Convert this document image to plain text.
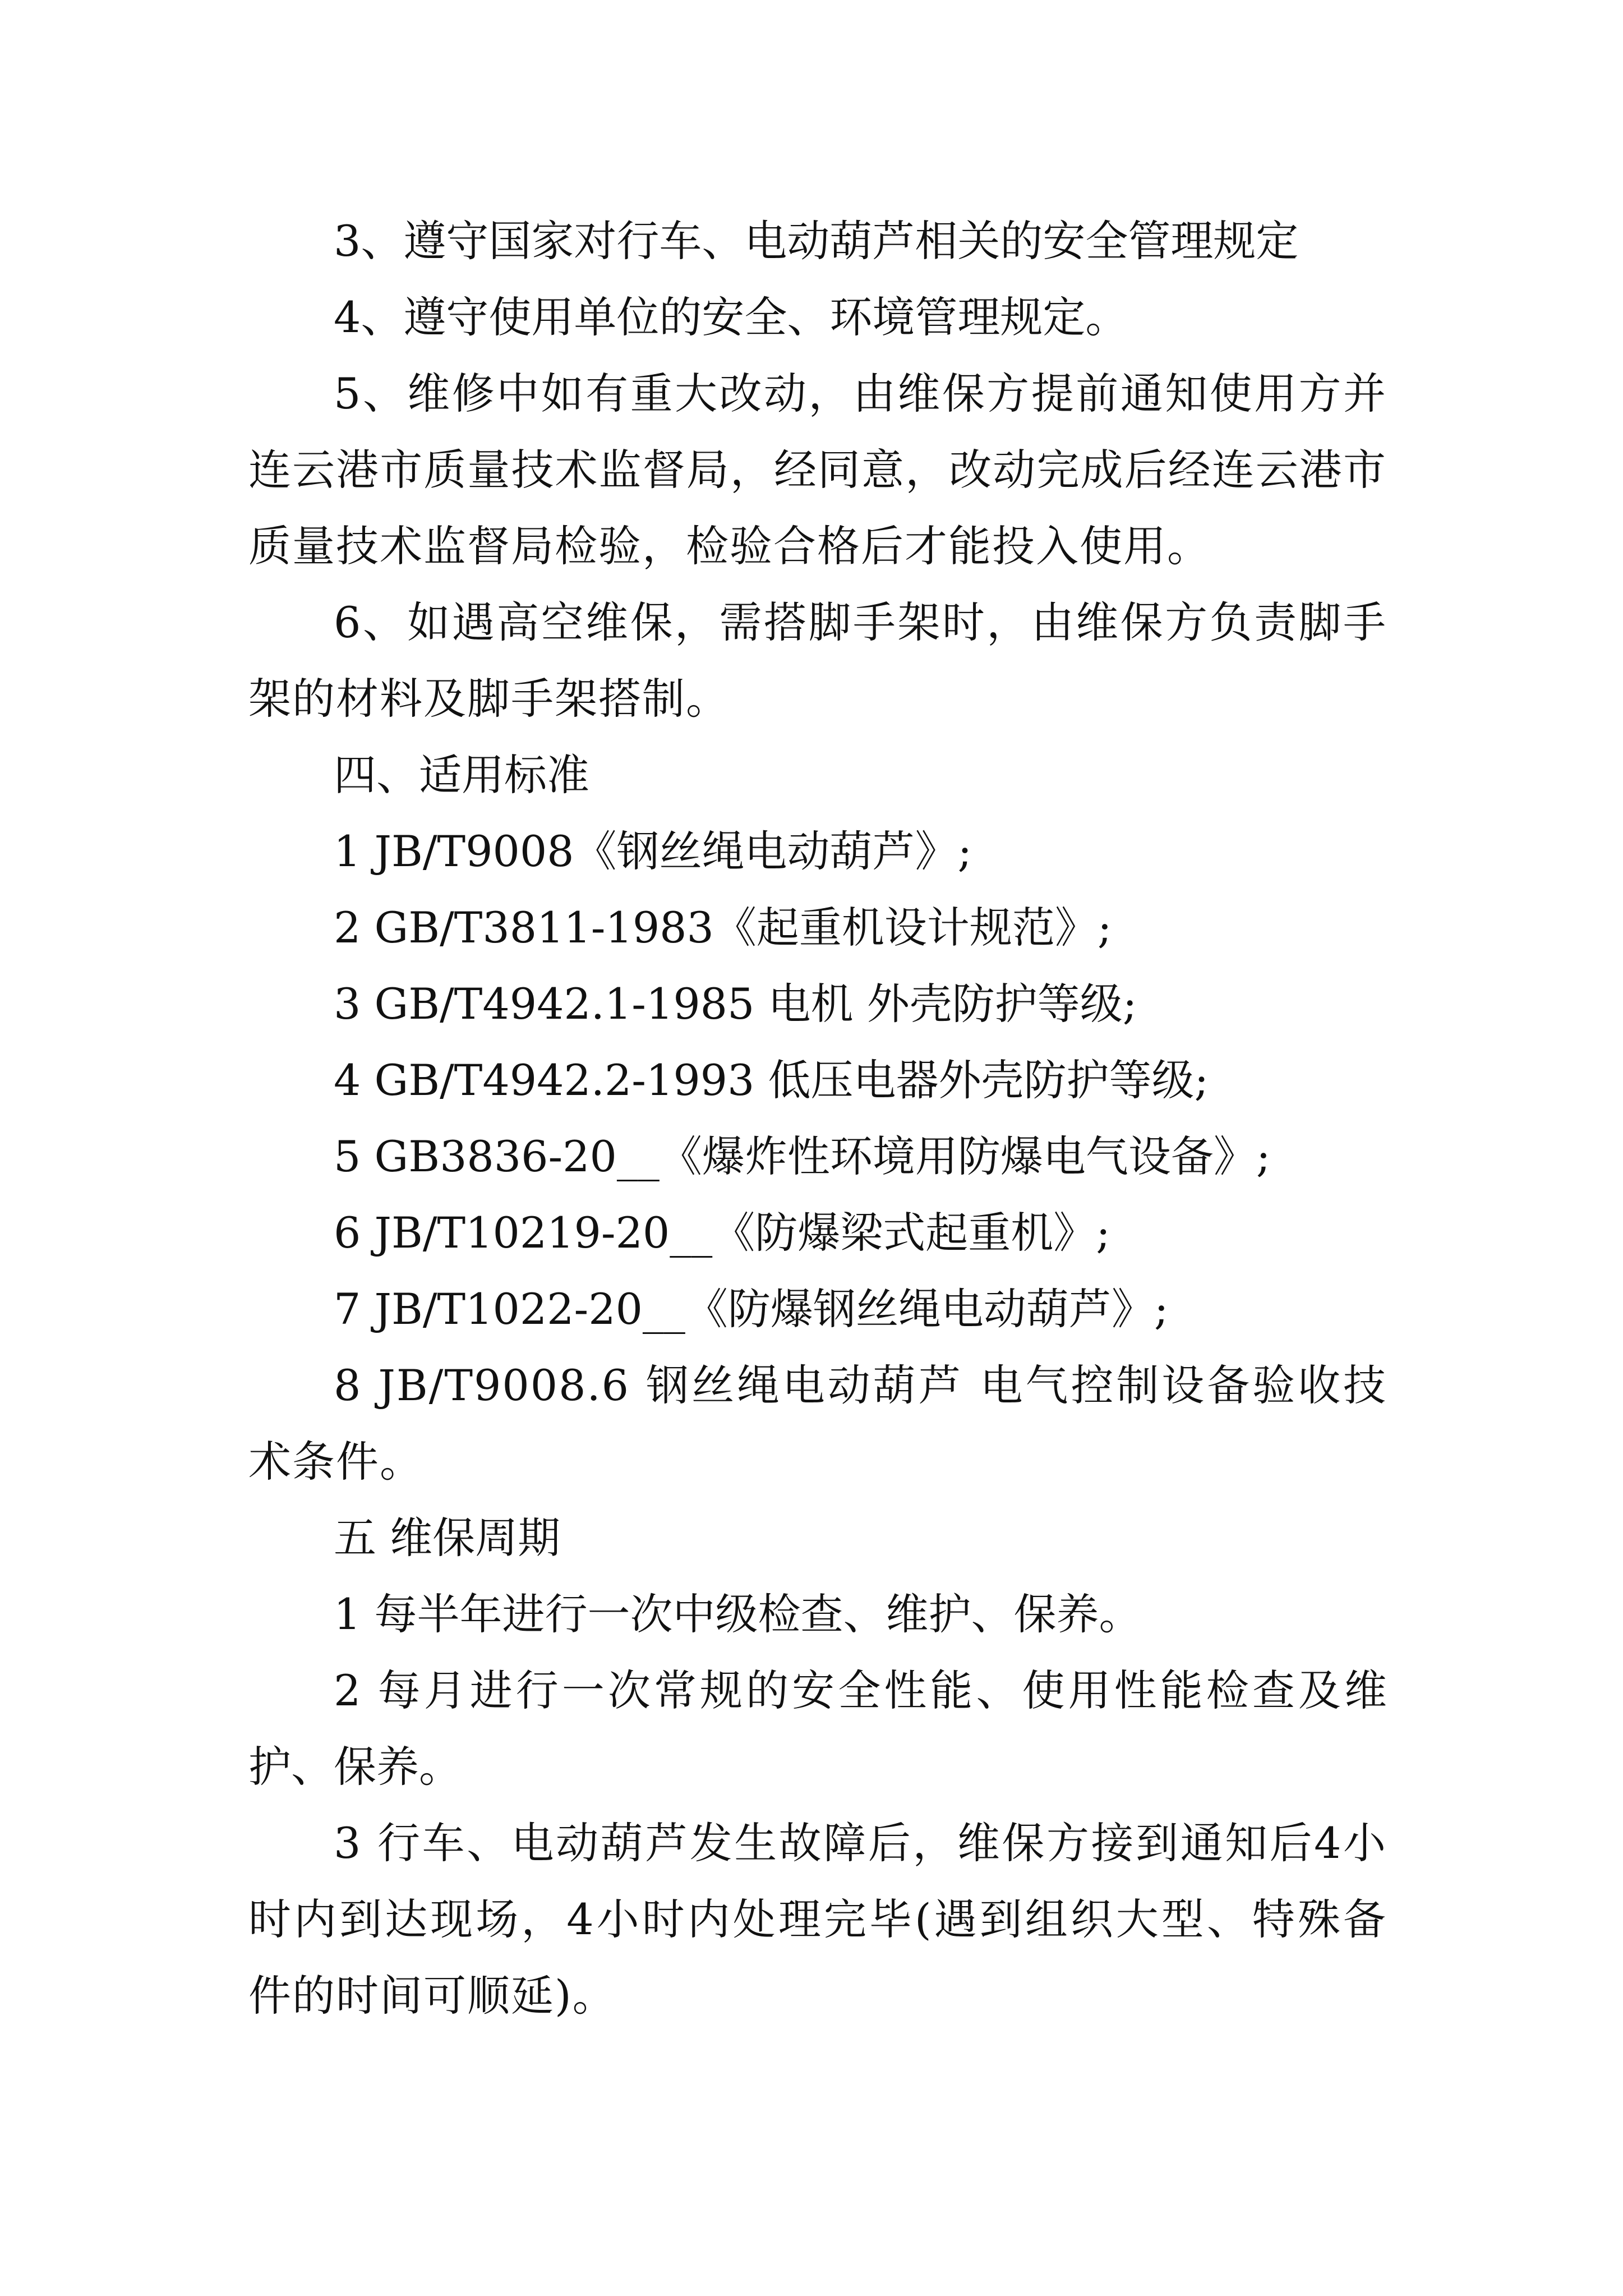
3、遵守国家对行车、电动葫芦相关的安全管理规定

4、遵守使用单位的安全、环境管理规定。

5、维修中如有重大改动，由维保方提前通知使用方并连云港市质量技术监督局，经同意，改动完成后经连云港市质量技术监督局检验，检验合格后才能投入使用。

6、如遇高空维保，需搭脚手架时，由维保方负责脚手架的材料及脚手架搭制。

四、适用标准

1 JB/T9008《钢丝绳电动葫芦》;

2 GB/T3811-1983《起重机设计规范》;

3 GB/T4942.1-1985 电机 外壳防护等级;

4 GB/T4942.2-1993 低压电器外壳防护等级;

5 GB3836-20__《爆炸性环境用防爆电气设备》;

6 JB/T10219-20__《防爆梁式起重机》;

7 JB/T1022-20__《防爆钢丝绳电动葫芦》;

8 JB/T9008.6 钢丝绳电动葫芦 电气控制设备验收技术条件。

五 维保周期

1 每半年进行一次中级检查、维护、保养。

2 每月进行一次常规的安全性能、使用性能检查及维护、保养。

3 行车、电动葫芦发生故障后，维保方接到通知后4小时内到达现场，4小时内处理完毕(遇到组织大型、特殊备件的时间可顺延)。
